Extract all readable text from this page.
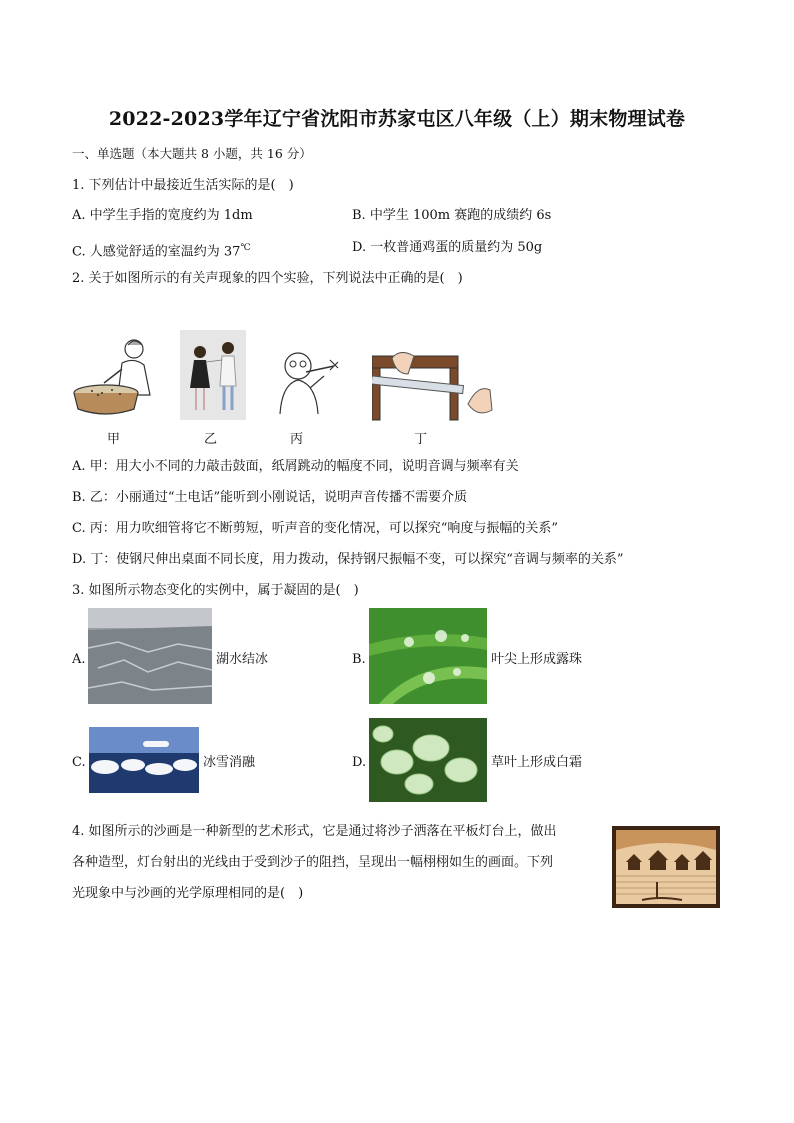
2022-2023学年辽宁省沈阳市苏家屯区八年级（上）期末物理试卷
一、单选题（本大题共 8 小题，共 16 分）
1. 下列估计中最接近生活实际的是(　)
A. 中学生手指的宽度约为 1dm	B. 中学生 100m 赛跑的成绩约 6s
C. 人感觉舒适的室温约为 37℃	D. 一枚普通鸡蛋的质量约为 50g
2. 关于如图所示的有关声现象的四个实验，下列说法中正确的是(　)
甲	乙	丙	丁
A. 甲：用大小不同的力敲击鼓面，纸屑跳动的幅度不同，说明音调与频率有关
B. 乙：小丽通过“土电话”能听到小刚说话，说明声音传播不需要介质
C. 丙：用力吹细管将它不断剪短，听声音的变化情况，可以探究“响度与振幅的关系”
D. 丁：使钢尺伸出桌面不同长度，用力拨动，保持钢尺振幅不变，可以探究“音调与频率的关系”
3. 如图所示物态变化的实例中，属于凝固的是(　)
A.	湖水结冰	B.	叶尖上形成露珠
C.	冰雪消融	D.	草叶上形成白霜
4. 如图所示的沙画是一种新型的艺术形式，它是通过将沙子洒落在平板灯台上，做出
各种造型，灯台射出的光线由于受到沙子的阻挡，呈现出一幅栩栩如生的画面。下列
光现象中与沙画的光学原理相同的是(　)
